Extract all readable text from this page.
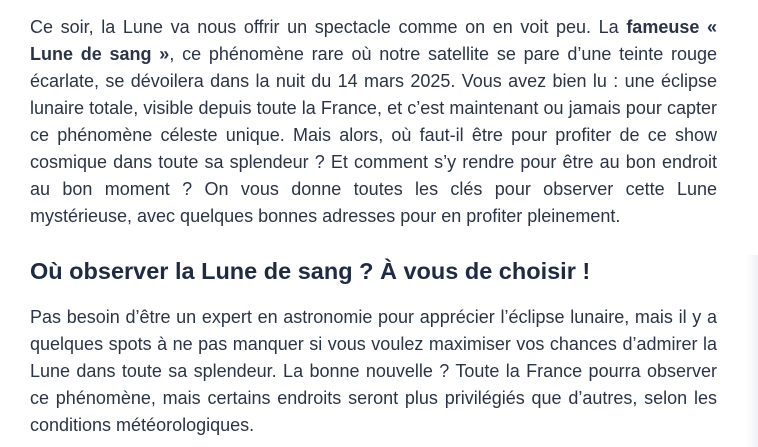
Ce soir, la Lune va nous offrir un spectacle comme on en voit peu. La fameuse « Lune de sang », ce phénomène rare où notre satellite se pare d’une teinte rouge écarlate, se dévoilera dans la nuit du 14 mars 2025. Vous avez bien lu : une éclipse lunaire totale, visible depuis toute la France, et c’est maintenant ou jamais pour capter ce phénomène céleste unique. Mais alors, où faut-il être pour profiter de ce show cosmique dans toute sa splendeur ? Et comment s’y rendre pour être au bon endroit au bon moment ? On vous donne toutes les clés pour observer cette Lune mystérieuse, avec quelques bonnes adresses pour en profiter pleinement.

Où observer la Lune de sang ? À vous de choisir !

Pas besoin d’être un expert en astronomie pour apprécier l’éclipse lunaire, mais il y a quelques spots à ne pas manquer si vous voulez maximiser vos chances d’admirer la Lune dans toute sa splendeur. La bonne nouvelle ? Toute la France pourra observer ce phénomène, mais certains endroits seront plus privilégiés que d’autres, selon les conditions météorologiques.
